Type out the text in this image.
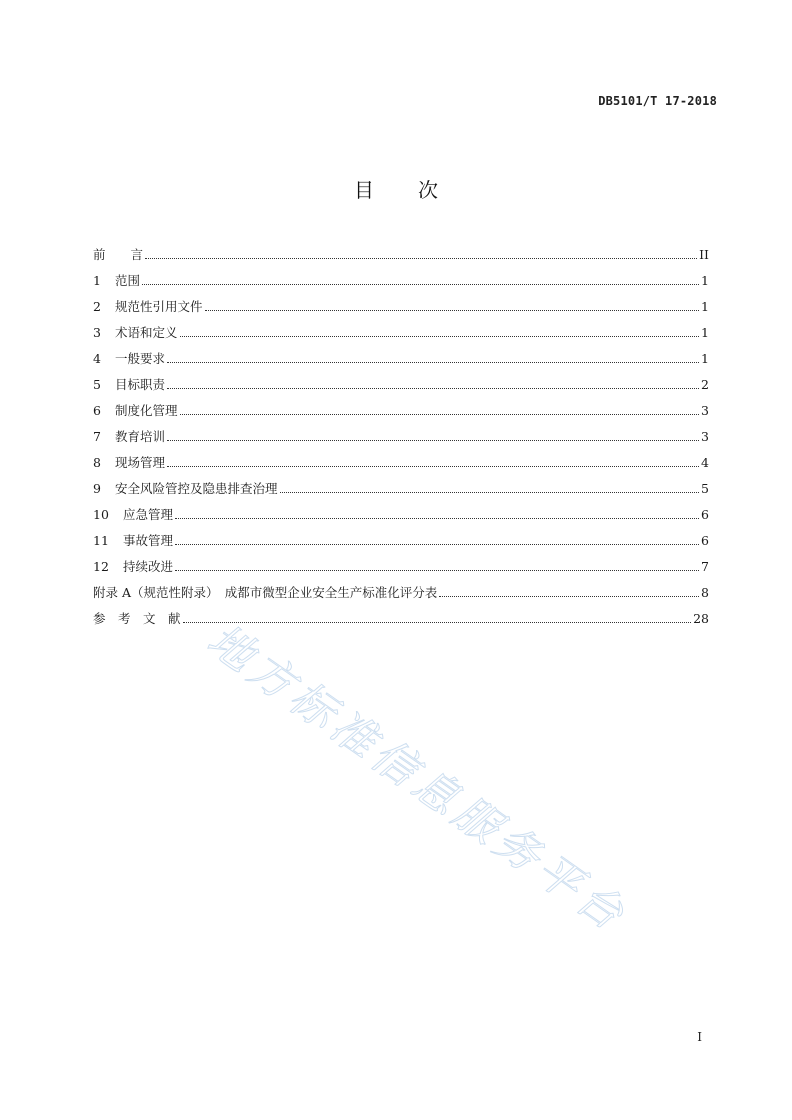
DB5101/T 17-2018
目 次
前　　言	II
1	范围	1
2	规范性引用文件	1
3	术语和定义	1
4	一般要求	1
5	目标职责	2
6	制度化管理	3
7	教育培训	3
8	现场管理	4
9	安全风险管控及隐患排查治理	5
10	应急管理	6
11	事故管理	6
12	持续改进	7
附录 A（规范性附录）　成都市微型企业安全生产标准化评分表	8
参　考　文　献	28
地方标准信息服务平台
I
